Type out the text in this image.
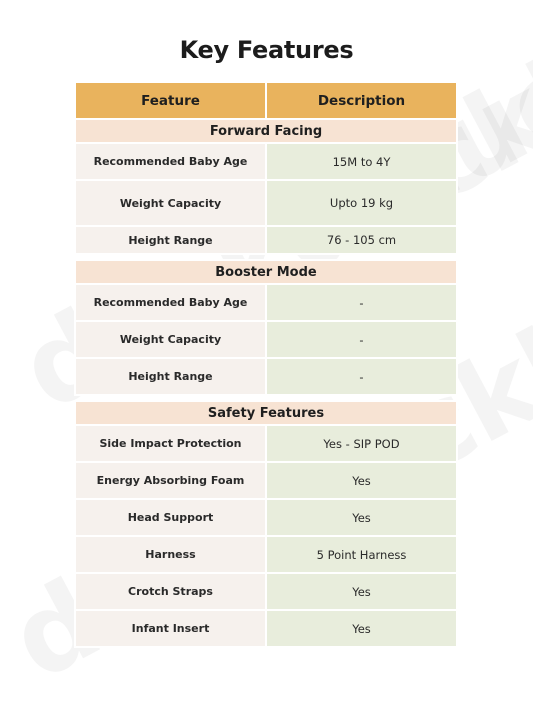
Key Features
Feature	Description
Forward Facing	
Recommended Baby Age	15M to 4Y
Weight Capacity	Upto 19 kg
Height Range	76 - 105 cm

Booster Mode	
Recommended Baby Age	-
Weight Capacity	-
Height Range	-

Safety Features	
Side Impact Protection	Yes - SIP POD
Energy Absorbing Foam	Yes
Head Support	Yes
Harness	5 Point Harness
Crotch Straps	Yes
Infant Insert	Yes
